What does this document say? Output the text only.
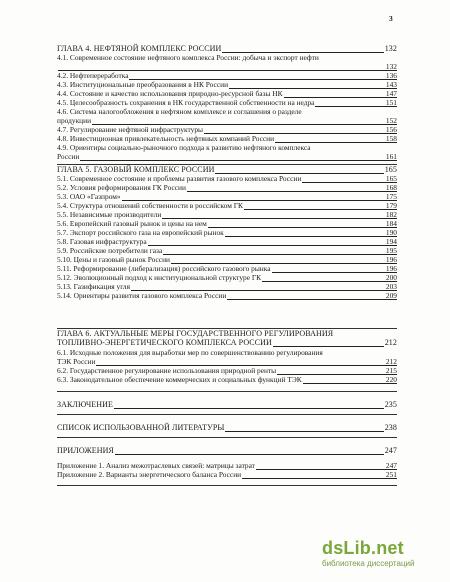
3
ГЛАВА 4. НЕФТЯНОЙ КОМПЛЕКС РОССИИ	132
4.1. Современное состояние нефтяного комплекса России: добыча и экспорт нефти
132
4.2. Нефтепереработка	136
4.3. Институциональные преобразования в НК России	143
4.4. Состояние и качество использования природно-ресурсной базы НК	147
4.5. Целесообразность сохранения в НК государственной собственности на недра	151
4.6. Система налогообложения в нефтяном комплексе и соглашения о разделе
продукции	152
4.7. Регулирование нефтяной инфраструктуры	156
4.8. Инвестиционная привлекательность нефтяных компаний России	158
4.9. Ориентиры социально-рыночного подхода к развитию нефтяного комплекса
России	161
ГЛАВА 5. ГАЗОВЫЙ КОМПЛЕКС РОССИИ	165
5.1. Современное состояние и проблемы развития газового комплекса России	165
5.2. Условия реформирования ГК России	168
5.3. ОАО «Газпром»	175
5.4. Структура отношений собственности в российском ГК	179
5.5. Независимые производители	182
5.6. Европейский газовый рынок и цены на нем	184
5.7. Экспорт российского газа на европейский рынок	190
5.8. Газовая инфраструктура	194
5.9. Российские потребители газа	195
5.10. Цены и газовый рынок России	196
5.11. Реформирование (либерализация) российского газового рынка	196
5.12. Эволюционный подход к институциональной структуре ГК	200
5.13. Газификация угля	203
5.14. Ориентиры развития газового комплекса России	209
ГЛАВА 6. АКТУАЛЬНЫЕ МЕРЫ ГОСУДАРСТВЕННОГО РЕГУЛИРОВАНИЯ
ТОПЛИВНО-ЭНЕРГЕТИЧЕСКОГО КОМПЛЕКСА РОССИИ	212
6.1. Исходные положения для выработки мер по совершенствованию регулирования
ТЭК России	212
6.2. Государственное регулирование использования природной ренты	215
6.3. Законодательное обеспечение коммерческих и социальных функций ТЭК	220
ЗАКЛЮЧЕНИЕ	235
СПИСОК ИСПОЛЬЗОВАННОЙ ЛИТЕРАТУРЫ	238
ПРИЛОЖЕНИЯ	247
Приложение 1. Анализ межотраслевых связей: матрицы затрат	247
Приложение 2. Варианты энергетического баланса России	251
dsLib.net
библиотека диссертаций
